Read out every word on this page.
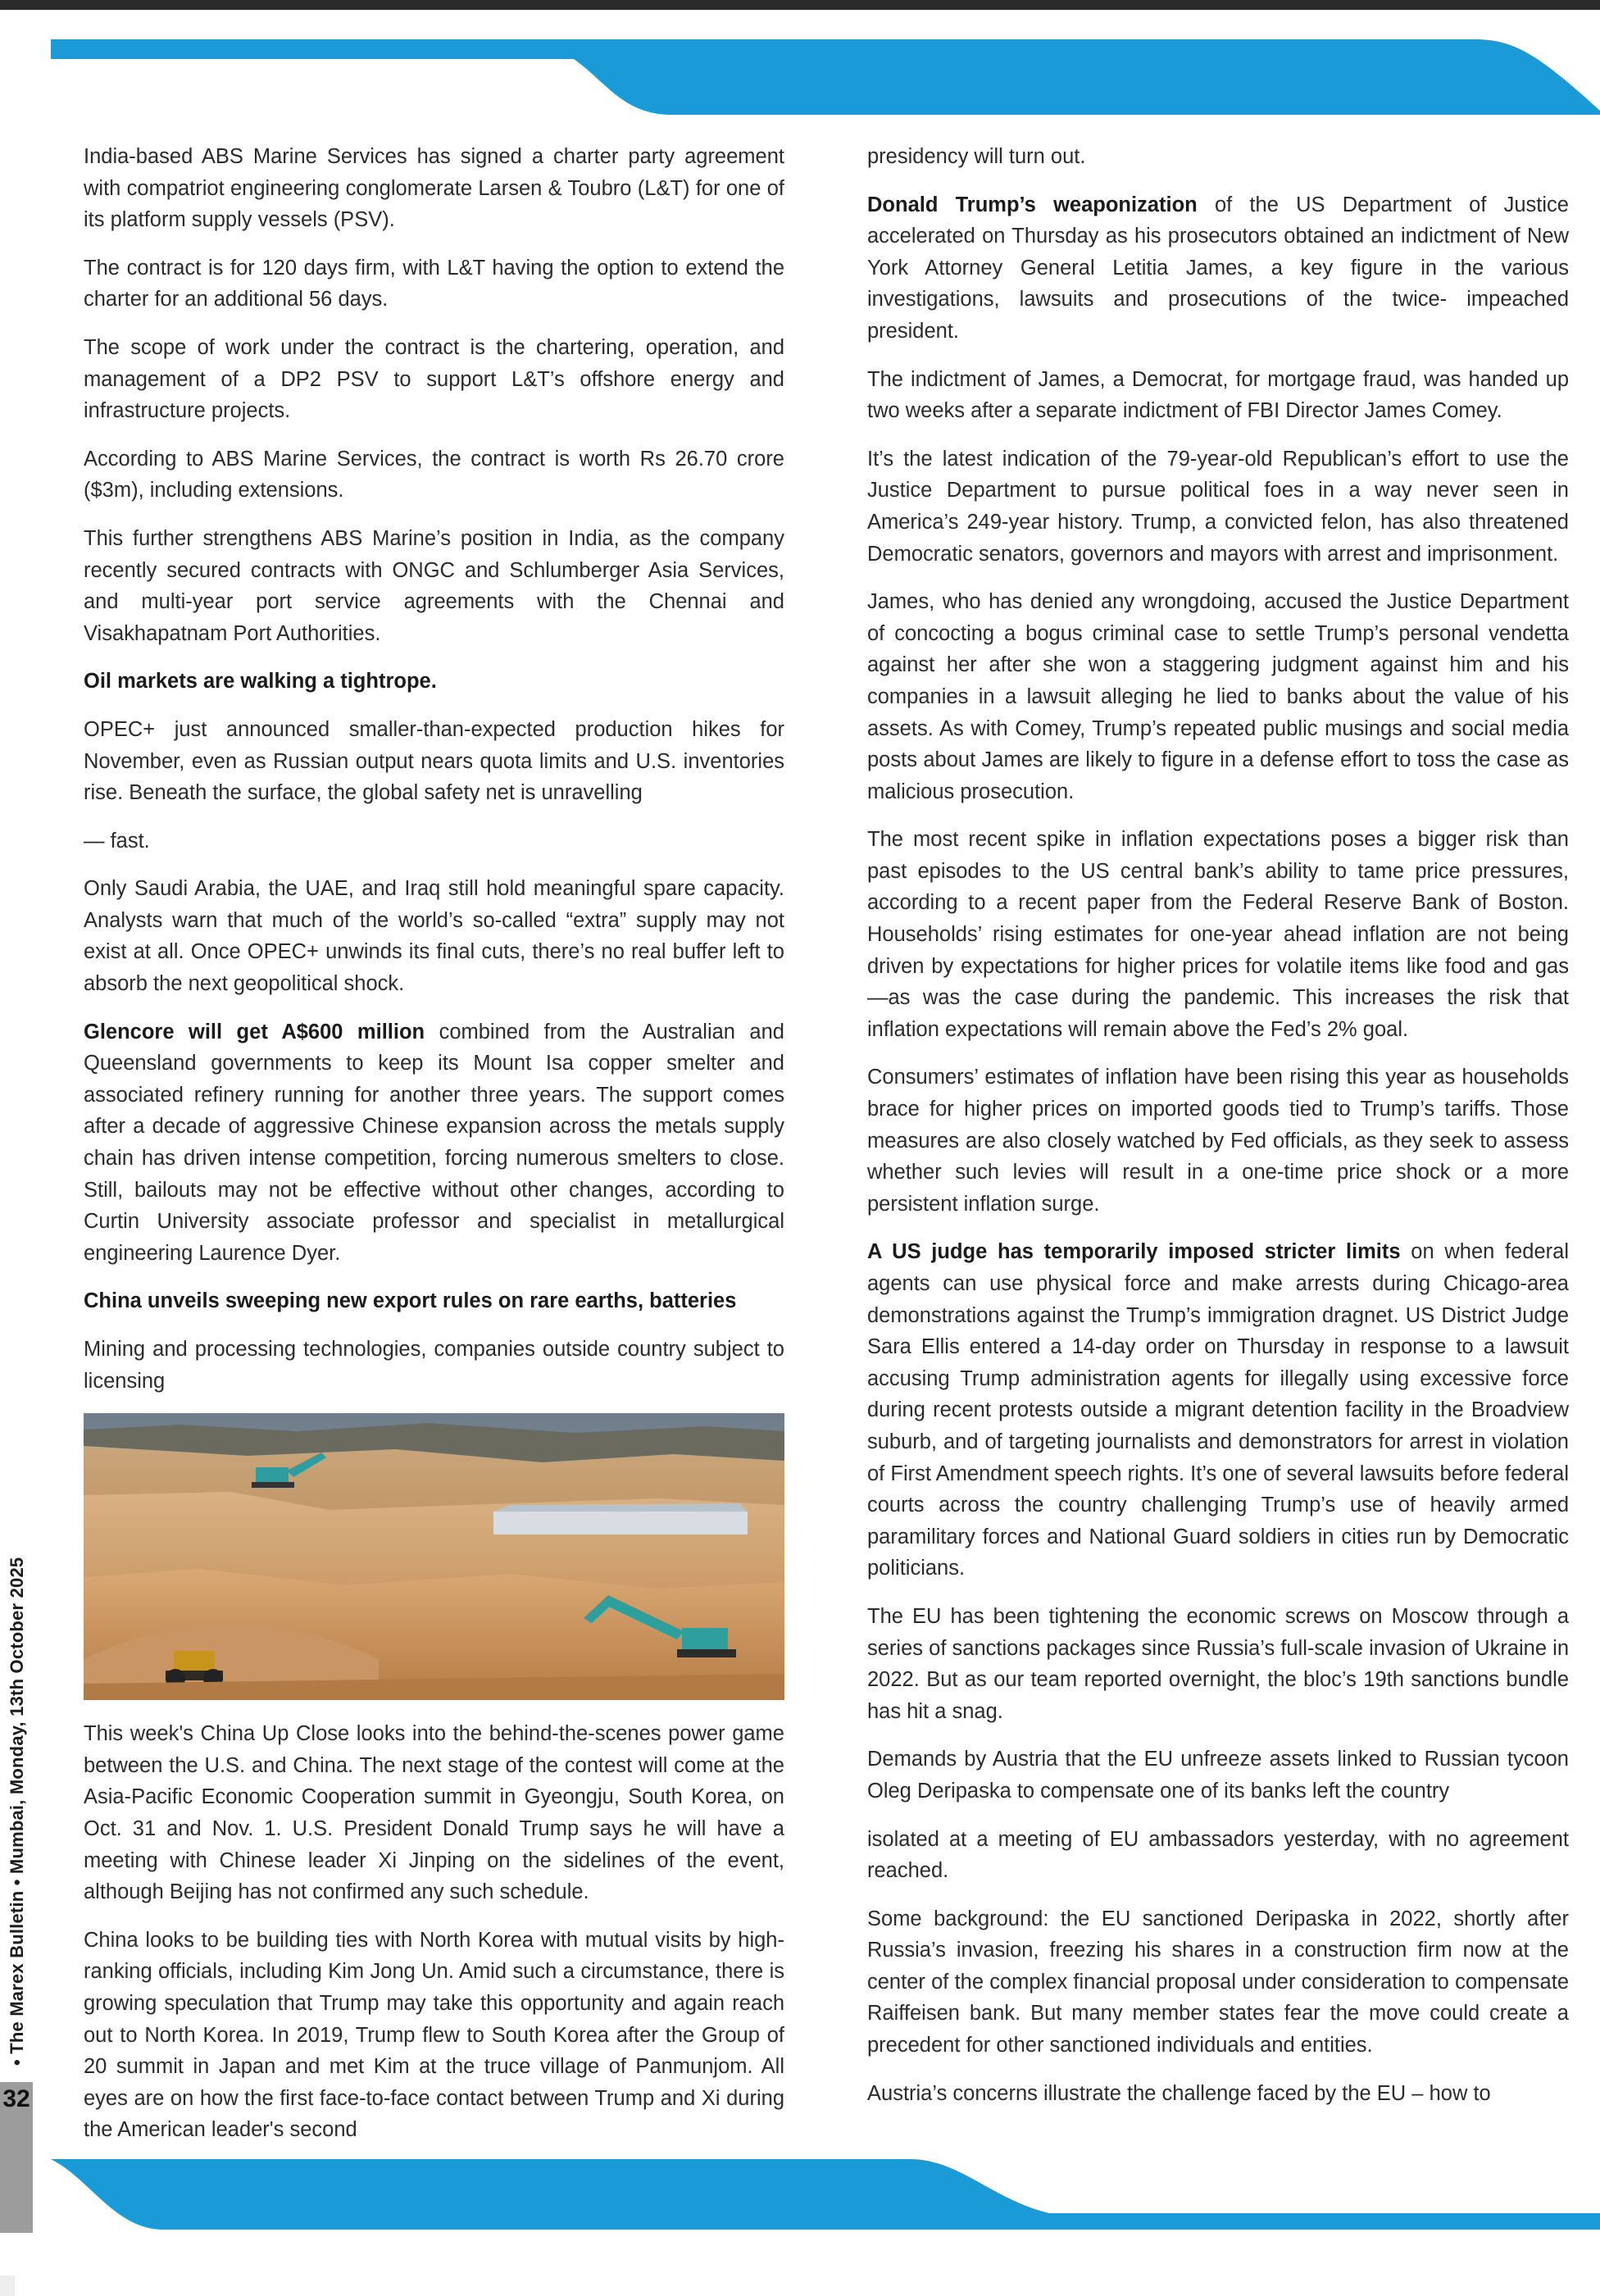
• The Marex Bulletin • Mumbai, Monday, 13th October 2025
32

India-based ABS Marine Services has signed a charter party agreement with compatriot engineering conglomerate Larsen & Toubro (L&T) for one of its platform supply vessels (PSV).

The contract is for 120 days firm, with L&T having the option to extend the charter for an additional 56 days.

The scope of work under the contract is the chartering, operation, and management of a DP2 PSV to support L&T’s offshore energy and infrastructure projects.

According to ABS Marine Services, the contract is worth Rs 26.70 crore ($3m), including extensions.

This further strengthens ABS Marine’s position in India, as the company recently secured contracts with ONGC and Schlumberger Asia Services, and multi-year port service agreements with the Chennai and Visakhapatnam Port Authorities.

Oil markets are walking a tightrope.

OPEC+ just announced smaller-than-expected production hikes for November, even as Russian output nears quota limits and U.S. inventories rise. Beneath the surface, the global safety net is unravelling

— fast.

Only Saudi Arabia, the UAE, and Iraq still hold meaningful spare capacity. Analysts warn that much of the world’s so-called “extra” supply may not exist at all. Once OPEC+ unwinds its final cuts, there’s no real buffer left to absorb the next geopolitical shock.

Glencore will get A$600 million combined from the Australian and Queensland governments to keep its Mount Isa copper smelter and associated refinery running for another three years. The support comes after a decade of aggressive Chinese expansion across the metals supply chain has driven intense competition, forcing numerous smelters to close. Still, bailouts may not be effective without other changes, according to Curtin University associate professor and specialist in metallurgical engineering Laurence Dyer.

China unveils sweeping new export rules on rare earths, batteries

Mining and processing technologies, companies outside country subject to licensing

This week's China Up Close looks into the behind-the-scenes power game between the U.S. and China. The next stage of the contest will come at the Asia-Pacific Economic Cooperation summit in Gyeongju, South Korea, on Oct. 31 and Nov. 1. U.S. President Donald Trump says he will have a meeting with Chinese leader Xi Jinping on the sidelines of the event, although Beijing has not confirmed any such schedule.

China looks to be building ties with North Korea with mutual visits by high-ranking officials, including Kim Jong Un. Amid such a circumstance, there is growing speculation that Trump may take this opportunity and again reach out to North Korea. In 2019, Trump flew to South Korea after the Group of 20 summit in Japan and met Kim at the truce village of Panmunjom. All eyes are on how the first face-to-face contact between Trump and Xi during the American leader's second

presidency will turn out.

Donald Trump’s weaponization of the US Department of Justice accelerated on Thursday as his prosecutors obtained an indictment of New York Attorney General Letitia James, a key figure in the various investigations, lawsuits and prosecutions of the twice- impeached president.

The indictment of James, a Democrat, for mortgage fraud, was handed up two weeks after a separate indictment of FBI Director James Comey.

It’s the latest indication of the 79-year-old Republican’s effort to use the Justice Department to pursue political foes in a way never seen in America’s 249-year history. Trump, a convicted felon, has also threatened Democratic senators, governors and mayors with arrest and imprisonment.

James, who has denied any wrongdoing, accused the Justice Department of concocting a bogus criminal case to settle Trump’s personal vendetta against her after she won a staggering judgment against him and his companies in a lawsuit alleging he lied to banks about the value of his assets. As with Comey, Trump’s repeated public musings and social media posts about James are likely to figure in a defense effort to toss the case as malicious prosecution.

The most recent spike in inflation expectations poses a bigger risk than past episodes to the US central bank’s ability to tame price pressures, according to a recent paper from the Federal Reserve Bank of Boston. Households’ rising estimates for one-year ahead inflation are not being driven by expectations for higher prices for volatile items like food and gas—as was the case during the pandemic. This increases the risk that inflation expectations will remain above the Fed’s 2% goal.

Consumers’ estimates of inflation have been rising this year as households brace for higher prices on imported goods tied to Trump’s tariffs. Those measures are also closely watched by Fed officials, as they seek to assess whether such levies will result in a one-time price shock or a more persistent inflation surge.

A US judge has temporarily imposed stricter limits on when federal agents can use physical force and make arrests during Chicago-area demonstrations against the Trump’s immigration dragnet. US District Judge Sara Ellis entered a 14-day order on Thursday in response to a lawsuit accusing Trump administration agents for illegally using excessive force during recent protests outside a migrant detention facility in the Broadview suburb, and of targeting journalists and demonstrators for arrest in violation of First Amendment speech rights. It’s one of several lawsuits before federal courts across the country challenging Trump’s use of heavily armed paramilitary forces and National Guard soldiers in cities run by Democratic politicians.

The EU has been tightening the economic screws on Moscow through a series of sanctions packages since Russia’s full-scale invasion of Ukraine in 2022. But as our team reported overnight, the bloc’s 19th sanctions bundle has hit a snag.

Demands by Austria that the EU unfreeze assets linked to Russian tycoon Oleg Deripaska to compensate one of its banks left the country

isolated at a meeting of EU ambassadors yesterday, with no agreement reached.

Some background: the EU sanctioned Deripaska in 2022, shortly after Russia’s invasion, freezing his shares in a construction firm now at the center of the complex financial proposal under consideration to compensate Raiffeisen bank. But many member states fear the move could create a precedent for other sanctioned individuals and entities.

Austria’s concerns illustrate the challenge faced by the EU – how to
